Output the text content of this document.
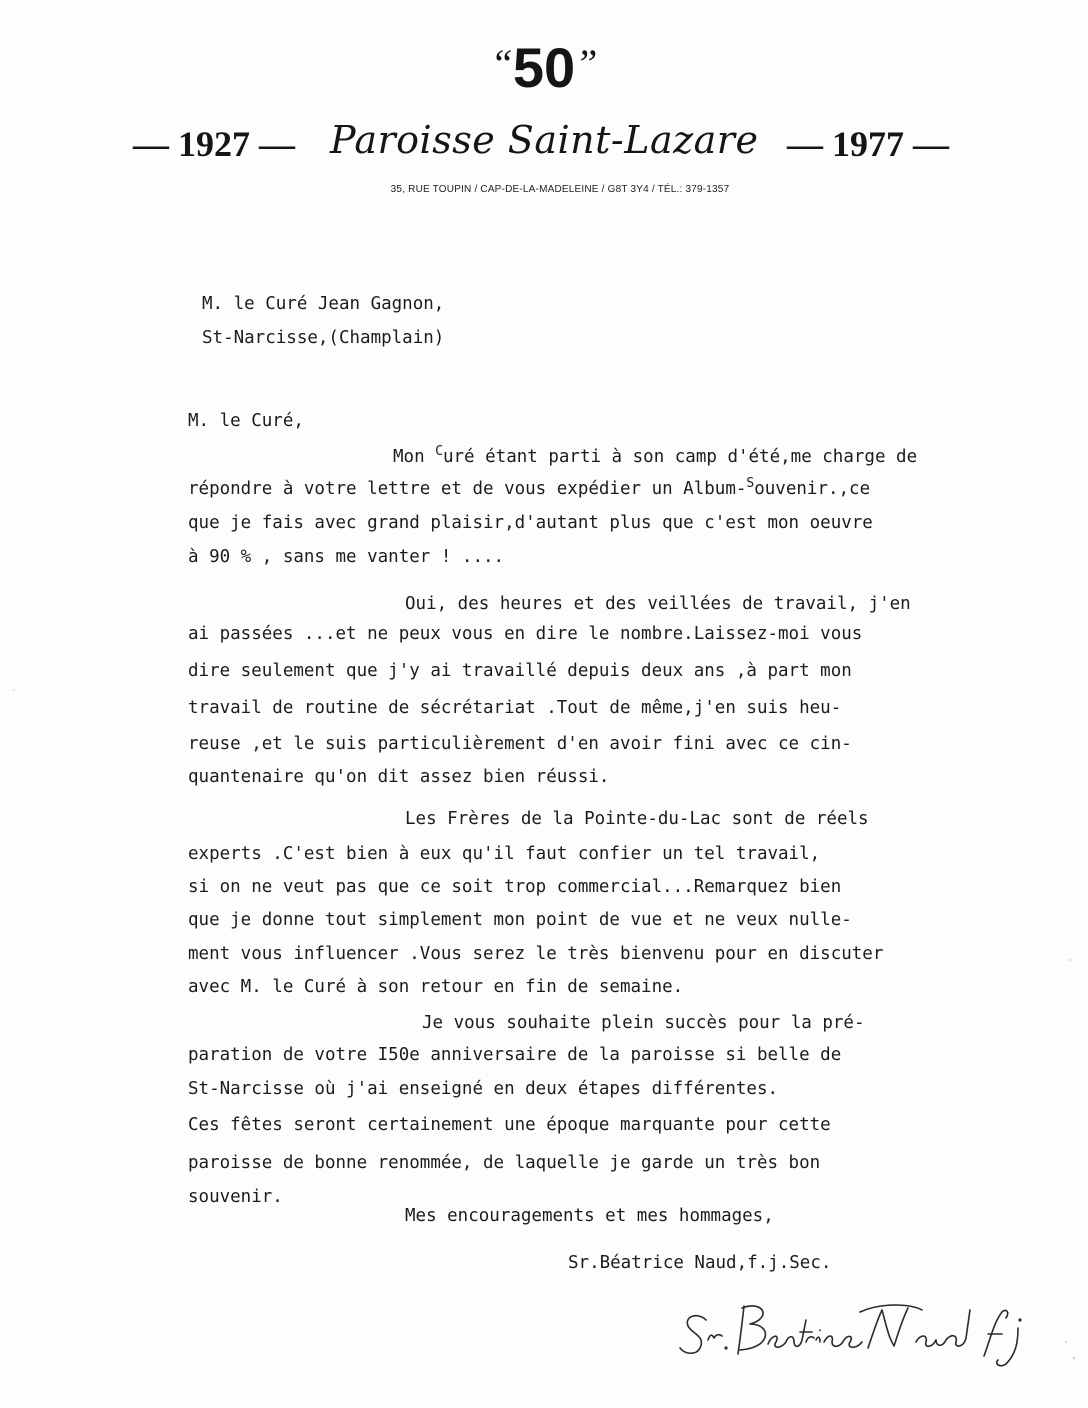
“50”
— 1927 — Paroisse Saint-Lazare — 1977 —
35, RUE TOUPIN / CAP-DE-LA-MADELEINE / G8T 3Y4 / TÉL.: 379-1357
M. le Curé Jean Gagnon,
St-Narcisse,(Champlain)
M. le Curé,
Mon $^C$uré étant parti à son camp d'été,me charge de
répondre à votre lettre et de vous expédier un Album-$^S$ouvenir.,ce
que je fais avec grand plaisir,d'autant plus que c'est mon oeuvre
à 90 % , sans me vanter ! ....
Oui, des heures et des veillées de travail, j'en
ai passées ...et ne peux vous en dire le nombre.Laissez-moi vous
dire seulement que j'y ai travaillé depuis deux ans ,à part mon
travail de routine de sécrétariat .Tout de même,j'en suis heu-
reuse ,et le suis particulièrement d'en avoir fini avec ce cin-
quantenaire qu'on dit assez bien réussi.
Les Frères de la Pointe-du-Lac sont de réels
experts .C'est bien à eux qu'il faut confier un tel travail,
si on ne veut pas que ce soit trop commercial...Remarquez bien
que je donne tout simplement mon point de vue et ne veux nulle-
ment vous influencer .Vous serez le très bienvenu pour en discuter
avec M. le Curé à son retour en fin de semaine.
Je vous souhaite plein succès pour la pré-
paration de votre I50e anniversaire de la paroisse si belle de
St-Narcisse où j'ai enseigné en deux étapes différentes.
Ces fêtes seront certainement une époque marquante pour cette
paroisse de bonne renommée, de laquelle je garde un très bon
souvenir.
Mes encouragements et mes hommages,
Sr.Béatrice Naud,f.j.Sec.
